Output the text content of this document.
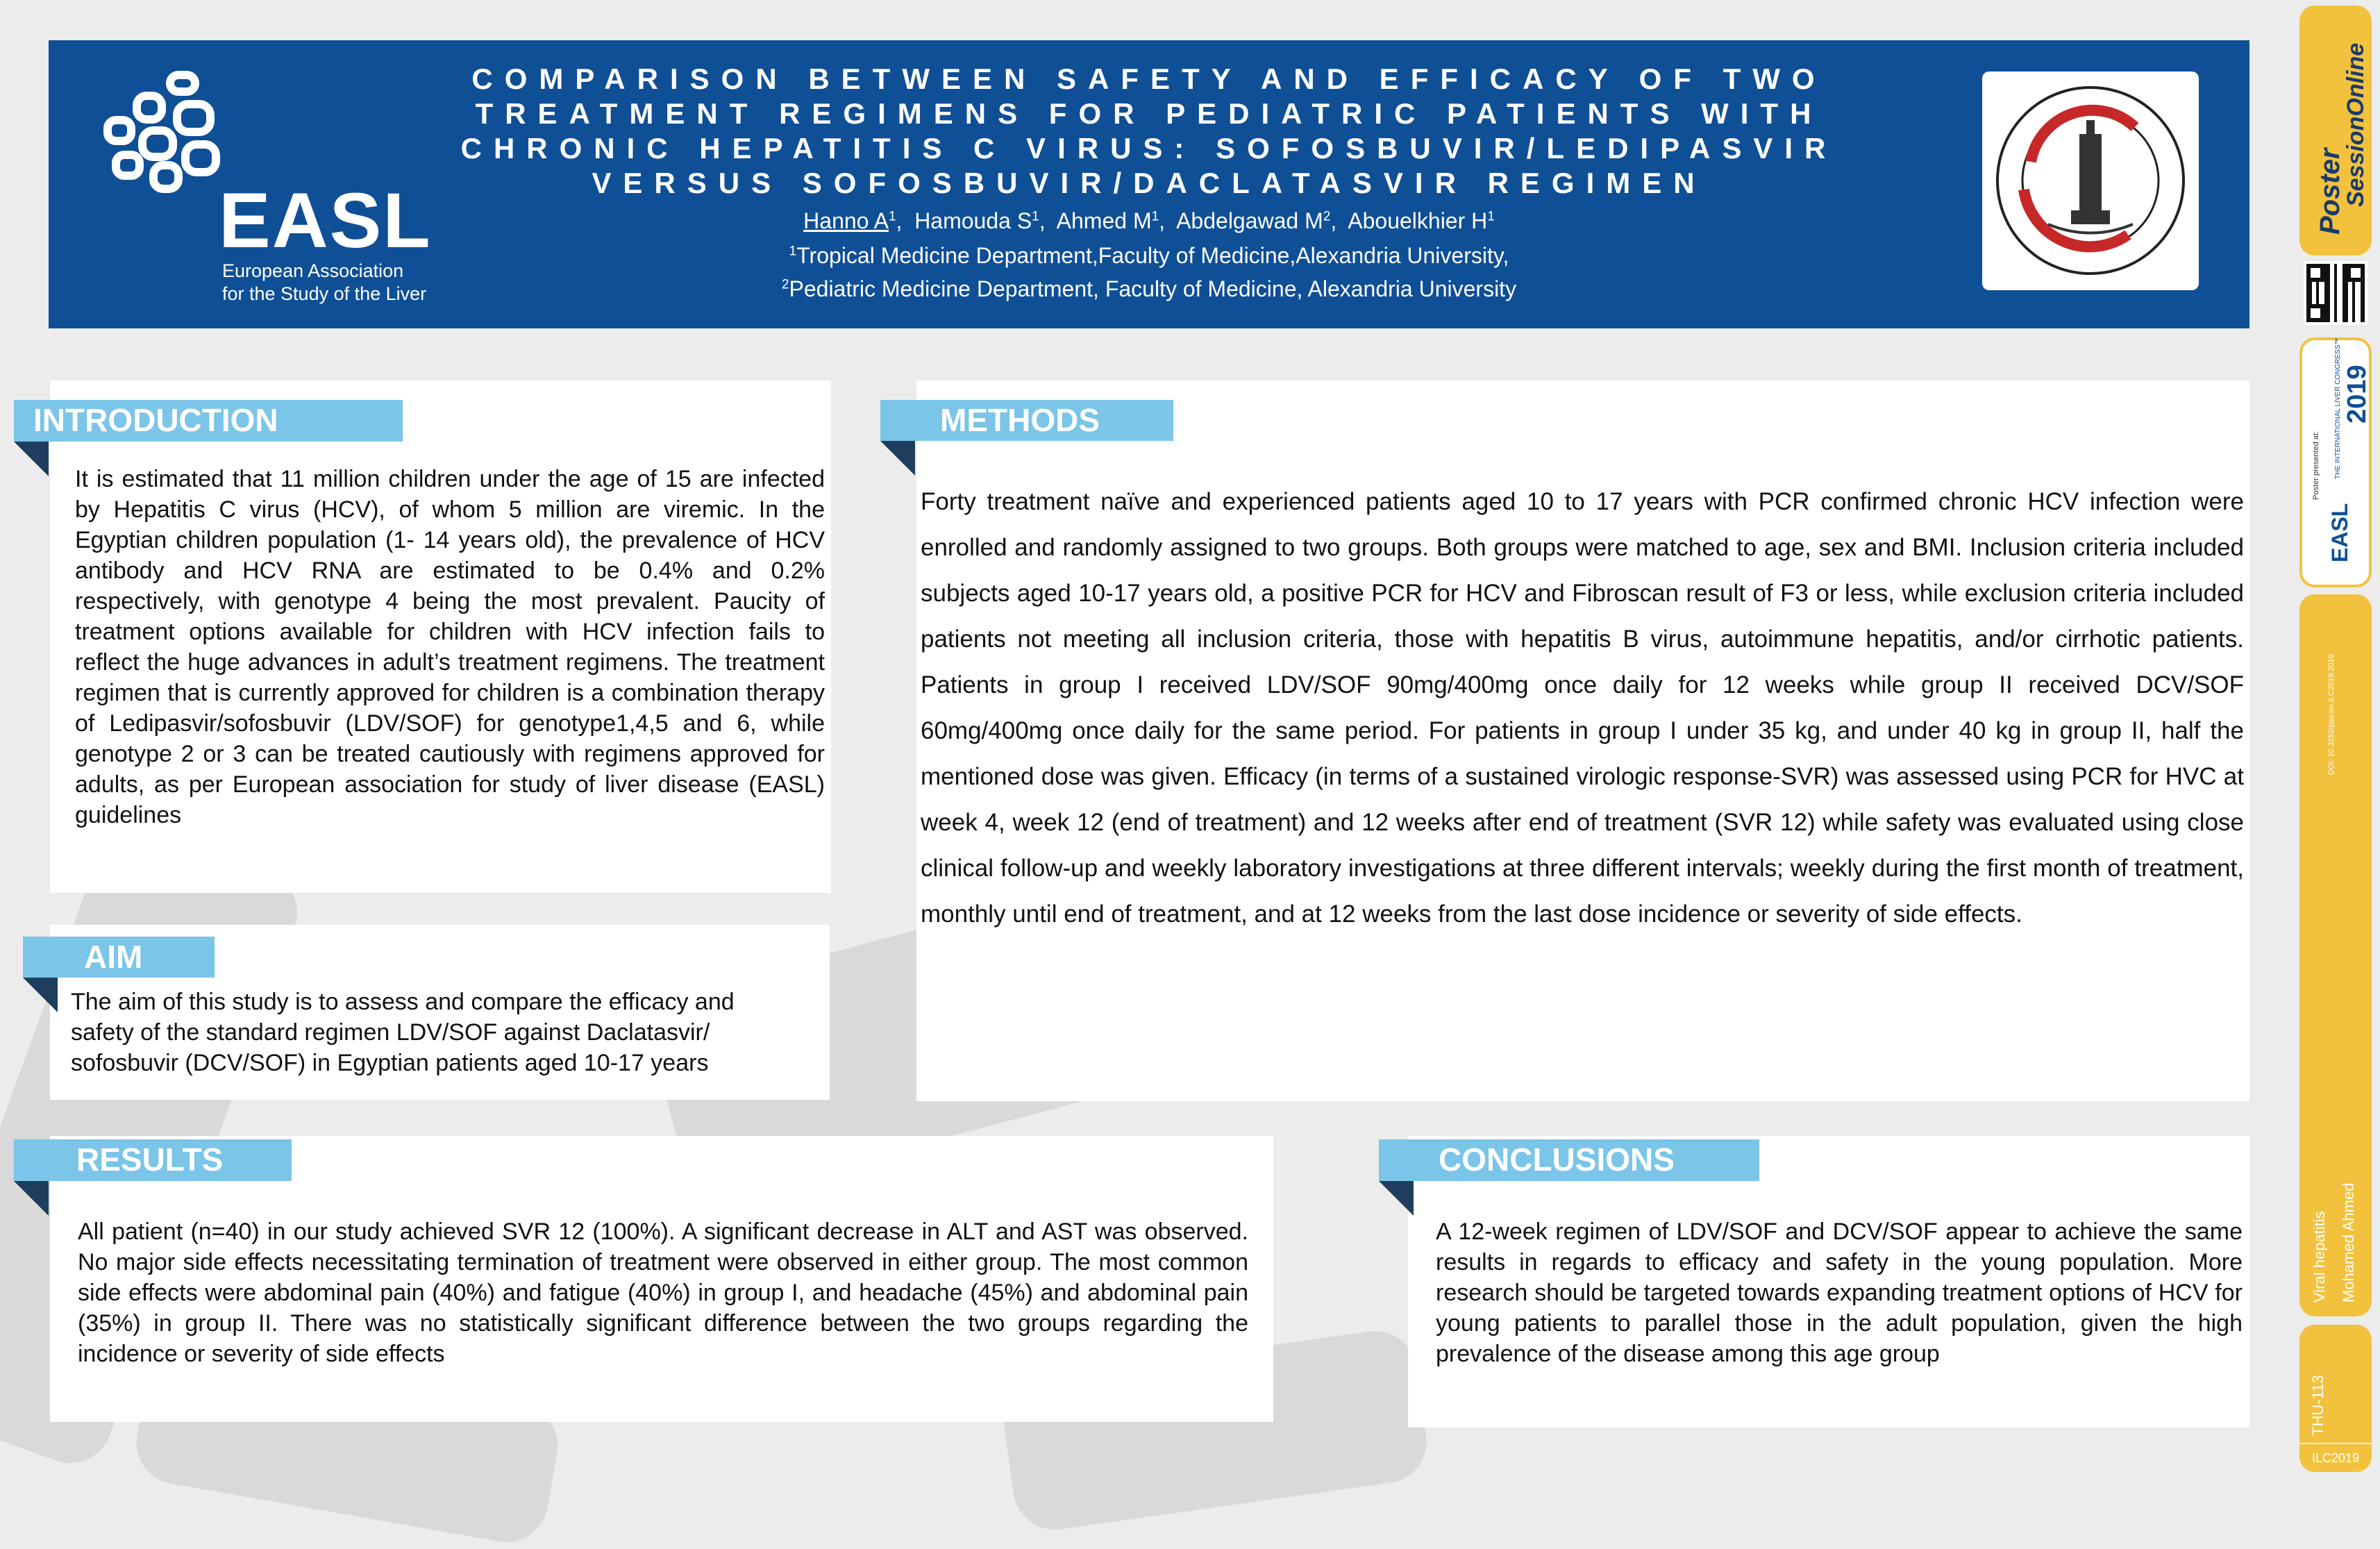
EASL
European Association
for the Study of the Liver
COMPARISON BETWEEN SAFETY AND EFFICACY OF TWO
TREATMENT REGIMENS FOR PEDIATRIC PATIENTS WITH
CHRONIC HEPATITIS C VIRUS: SOFOSBUVIR/LEDIPASVIR
VERSUS SOFOSBUVIR/DACLATASVIR REGIMEN
Hanno $A^1$,  Hamouda $S^1$,  Ahmed $M^1$,  Abdelgawad $M^2$,  Abouelkhier $H^1$
$^1$Tropical Medicine Department,Faculty of Medicine,Alexandria University,
$^2$Pediatric Medicine Department, Faculty of Medicine, Alexandria University
INTRODUCTION
It is estimated that 11 million children under the age of 15 are infected by Hepatitis C virus (HCV), of whom 5 million are viremic. In the Egyptian children population (1- 14 years old), the prevalence of HCV antibody and HCV RNA are estimated to be 0.4% and 0.2% respectively, with genotype 4 being the most prevalent. Paucity of treatment options available for children with HCV infection fails to reflect the huge advances in adult’s treatment regimens. The treatment regimen that is currently approved for children is a combination therapy of Ledipasvir/sofosbuvir (LDV/SOF) for genotype1,4,5 and 6, while genotype 2 or 3 can be treated cautiously with regimens approved for adults, as per European association for study of liver disease (EASL) guidelines
AIM
The aim of this study is to assess and compare the efficacy and safety of the standard regimen LDV/SOF against Daclatasvir/ sofosbuvir (DCV/SOF) in Egyptian patients aged 10-17 years
METHODS
Forty treatment naïve and experienced patients aged 10 to 17 years with PCR confirmed chronic HCV infection were enrolled and randomly assigned to two groups. Both groups were matched to age, sex and BMI. Inclusion criteria included subjects aged 10-17 years old, a positive PCR for HCV and Fibroscan result of F3 or less, while exclusion criteria included patients not meeting all inclusion criteria, those with hepatitis B virus, autoimmune hepatitis, and/or cirrhotic patients. Patients in group I received LDV/SOF 90mg/400mg once daily for 12 weeks while group II received DCV/SOF 60mg/400mg once daily for the same period. For patients in group I under 35 kg, and under 40 kg in group II, half the mentioned dose was given. Efficacy (in terms of a sustained virologic response-SVR) was assessed using PCR for HVC at week 4, week 12 (end of treatment) and 12 weeks after end of treatment (SVR 12) while safety was evaluated using close clinical follow-up and weekly laboratory investigations at three different intervals; weekly during the first month of treatment, monthly until end of treatment, and at 12 weeks from the last dose incidence or severity of side effects.
RESULTS
All patient (n=40) in our study achieved SVR 12 (100%). A significant decrease in ALT and AST was observed. No major side effects necessitating termination of treatment were observed in either group. The most common side effects were abdominal pain (40%) and fatigue (40%) in group I, and headache (45%) and abdominal pain (35%) in group II. There was no statistically significant difference between the two groups regarding the incidence or severity of side effects
CONCLUSIONS
A 12-week regimen of LDV/SOF and DCV/SOF appear to achieve the same results in regards to efficacy and safety in the young population. More research should be targeted towards expanding treatment options of HCV for young patients to parallel those in the adult population, given the high prevalence of the disease among this age group
Poster
SessionOnline
Poster presented at:
EASL
THE INTERNATIONAL LIVER CONGRESS™ 2019
DOI: 10.3252/pso.eu.ILC2019.2019
Viral hepatitis Mohamed Ahmed
THU-113
ILC2019
